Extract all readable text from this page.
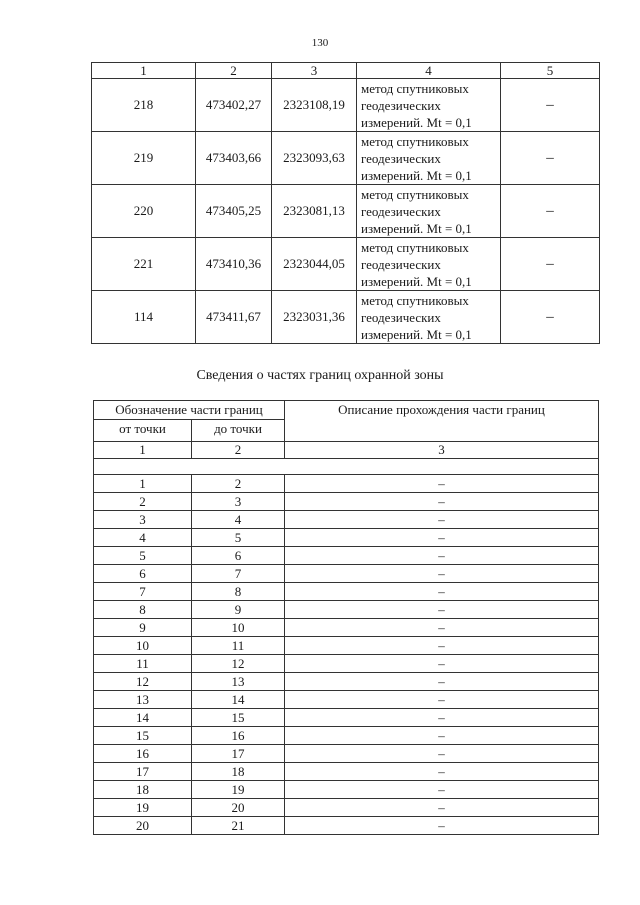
130
1	2	3	4	5
218	473402,27	2323108,19	метод спутниковых
геодезических
измерений. Mt = 0,1	–
219	473403,66	2323093,63	метод спутниковых
геодезических
измерений. Mt = 0,1	–
220	473405,25	2323081,13	метод спутниковых
геодезических
измерений. Mt = 0,1	–
221	473410,36	2323044,05	метод спутниковых
геодезических
измерений. Mt = 0,1	–
114	473411,67	2323031,36	метод спутниковых
геодезических
измерений. Mt = 0,1	–
Сведения о частях границ охранной зоны
Обозначение части границ		Описание прохождения части границ
от точки	до точки	
1	2	3

1	2	–
2	3	–
3	4	–
4	5	–
5	6	–
6	7	–
7	8	–
8	9	–
9	10	–
10	11	–
11	12	–
12	13	–
13	14	–
14	15	–
15	16	–
16	17	–
17	18	–
18	19	–
19	20	–
20	21	–
